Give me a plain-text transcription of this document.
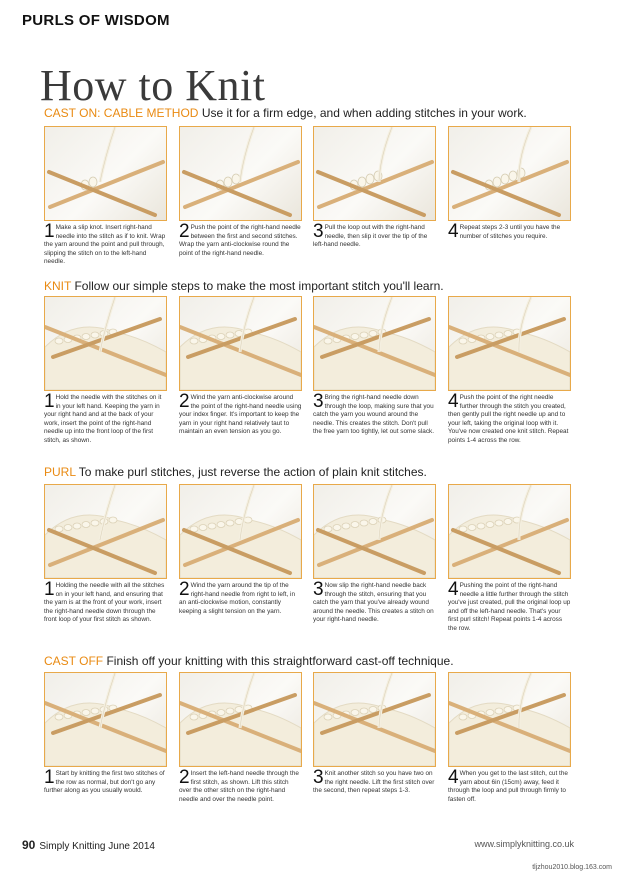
PURLS OF WISDOM
How to Knit
CAST ON: CABLE METHOD Use it for a firm edge, and when adding stitches in your work.
1 Make a slip knot. Insert right-hand needle into the stitch as if to knit. Wrap the yarn around the point and pull through, slipping the stitch on to the left-hand needle.
2 Push the point of the right-hand needle between the first and second stitches. Wrap the yarn anti-clockwise round the point of the right-hand needle.
3 Pull the loop out with the right-hand needle, then slip it over the tip of the left-hand needle.
4 Repeat steps 2-3 until you have the number of stitches you require.
KNIT Follow our simple steps to make the most important stitch you'll learn.
1 Hold the needle with the stitches on it in your left hand. Keeping the yarn in your right hand and at the back of your work, insert the point of the right-hand needle up into the front loop of the first stitch, as shown.
2 Wind the yarn anti-clockwise around the point of the right-hand needle using your index finger. It's important to keep the yarn in your right hand relatively taut to maintain an even tension as you go.
3 Bring the right-hand needle down through the loop, making sure that you catch the yarn you wound around the needle. This creates the stitch. Don't pull the free yarn too tightly, let out some slack.
4 Push the point of the right needle further through the stitch you created, then gently pull the right needle up and to your left, taking the original loop with it. You've now created one knit stitch. Repeat points 1-4 across the row.
PURL To make purl stitches, just reverse the action of plain knit stitches.
1 Holding the needle with all the stitches on in your left hand, and ensuring that the yarn is at the front of your work, insert the right-hand needle down through the front loop of your first stitch as shown.
2 Wind the yarn around the tip of the right-hand needle from right to left, in an anti-clockwise motion, constantly keeping a slight tension on the yarn.
3 Now slip the right-hand needle back through the stitch, ensuring that you catch the yarn that you've already wound around the needle. This creates a stitch on your right-hand needle.
4 Pushing the point of the right-hand needle a little further through the stitch you've just created, pull the original loop up and off the left-hand needle. That's your first purl stitch! Repeat points 1-4 across the row.
CAST OFF Finish off your knitting with this straightforward cast-off technique.
1 Start by knitting the first two stitches of the row as normal, but don't go any further along as you usually would.
2 Insert the left-hand needle through the first stitch, as shown. Lift this stitch over the other stitch on the right-hand needle and over the needle point.
3 Knit another stitch so you have two on the right needle. Lift the first stitch over the second, then repeat steps 1-3.
4 When you get to the last stitch, cut the yarn about 6in (15cm) away, feed it through the loop and pull through firmly to fasten off.
90 Simply Knitting June 2014	www.simplyknitting.co.uk
tljzhou2010.blog.163.com
